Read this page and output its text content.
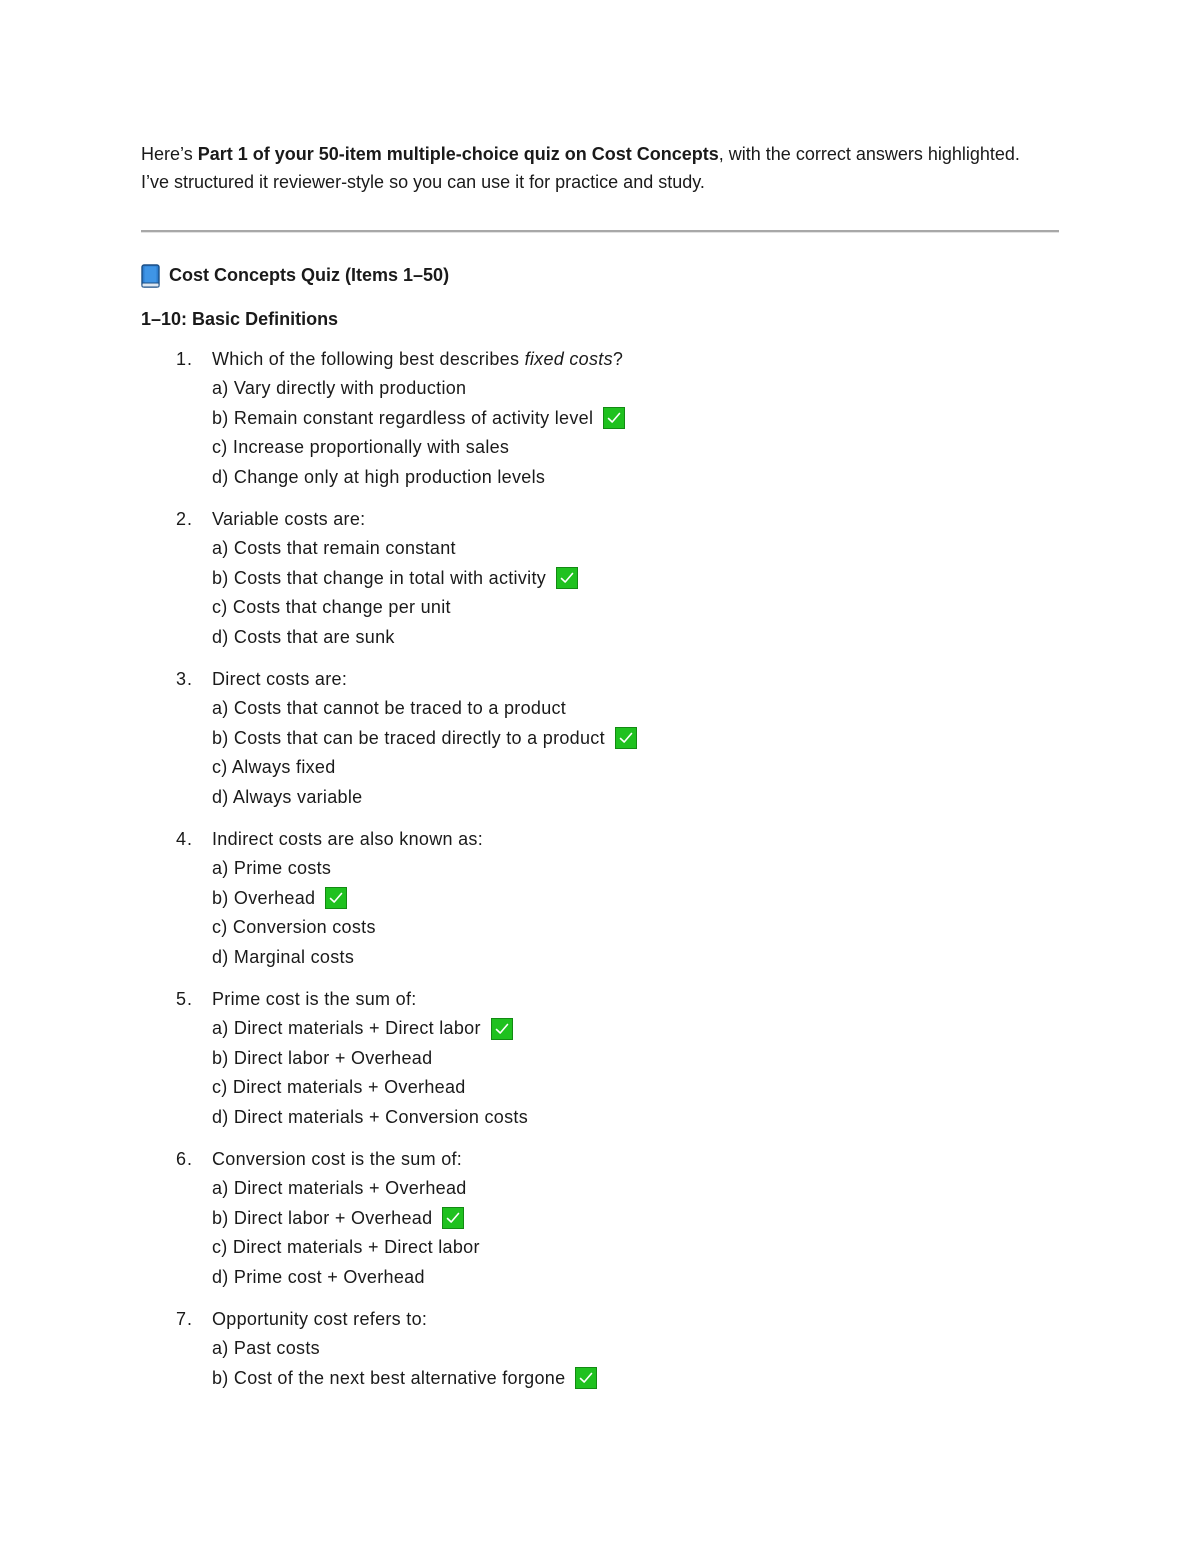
Here’s Part 1 of your 50-item multiple-choice quiz on Cost Concepts, with the correct answers highlighted. I’ve structured it reviewer-style so you can use it for practice and study.

Cost Concepts Quiz (Items 1–50)
1–10: Basic Definitions
1. Which of the following best describes fixed costs?
a) Vary directly with production
b) Remain constant regardless of activity level
c) Increase proportionally with sales
d) Change only at high production levels
2. Variable costs are:
a) Costs that remain constant
b) Costs that change in total with activity
c) Costs that change per unit
d) Costs that are sunk
3. Direct costs are:
a) Costs that cannot be traced to a product
b) Costs that can be traced directly to a product
c) Always fixed
d) Always variable
4. Indirect costs are also known as:
a) Prime costs
b) Overhead
c) Conversion costs
d) Marginal costs
5. Prime cost is the sum of:
a) Direct materials + Direct labor
b) Direct labor + Overhead
c) Direct materials + Overhead
d) Direct materials + Conversion costs
6. Conversion cost is the sum of:
a) Direct materials + Overhead
b) Direct labor + Overhead
c) Direct materials + Direct labor
d) Prime cost + Overhead
7. Opportunity cost refers to:
a) Past costs
b) Cost of the next best alternative forgone
